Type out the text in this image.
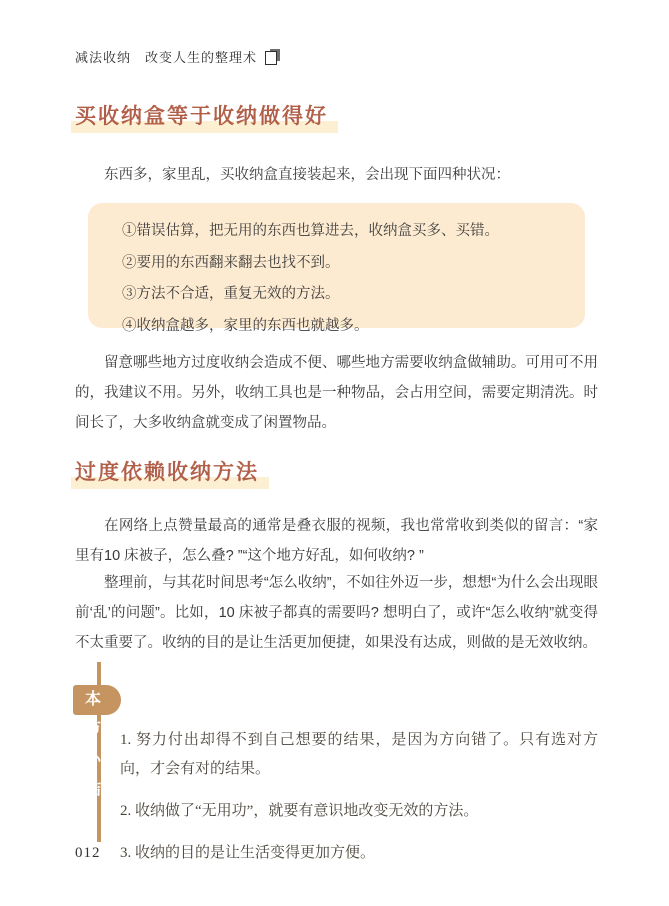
减法收纳　改变人生的整理术
买收纳盒等于收纳做得好

东西多，家里乱，买收纳盒直接装起来，会出现下面四种状况：

①错误估算，把无用的东西也算进去，收纳盒买多、买错。

②要用的东西翻来翻去也找不到。

③方法不合适，重复无效的方法。

④收纳盒越多，家里的东西也就越多。

留意哪些地方过度收纳会造成不便、哪些地方需要收纳盒做辅助。可用可不用的，我建议不用。另外，收纳工具也是一种物品，会占用空间，需要定期清洗。时间长了，大多收纳盒就变成了闲置物品。

过度依赖收纳方法

在网络上点赞量最高的通常是叠衣服的视频，我也常常收到类似的留言：“家里有10 床被子，怎么叠? ”“这个地方好乱，如何收纳? ”

整理前，与其花时间思考“怎么收纳”，不如往外迈一步，想想“为什么会出现眼前‘乱’的问题”。比如，10 床被子都真的需要吗? 想明白了，或许“怎么收纳”就变得不太重要了。收纳的目的是让生活更加便捷，如果没有达成，则做的是无效收纳。

本节小结

1. 努力付出却得不到自己想要的结果，是因为方向错了。只有选对方向，才会有对的结果。

2. 收纳做了“无用功”，就要有意识地改变无效的方法。

3. 收纳的目的是让生活变得更加方便。

012
